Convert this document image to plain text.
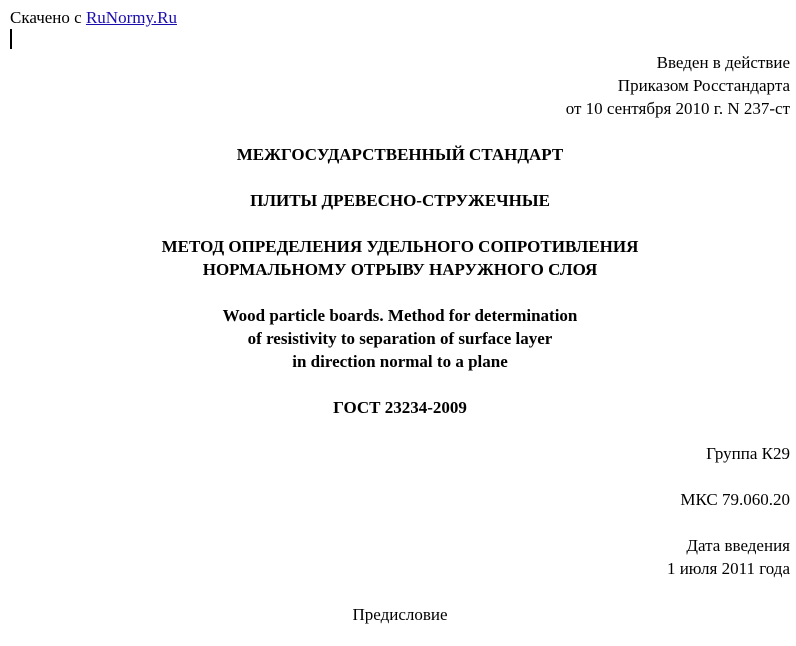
Скачено с RuNormy.Ru
Введен в действие
Приказом Росстандарта
от 10 сентября 2010 г. N 237-ст
МЕЖГОСУДАРСТВЕННЫЙ СТАНДАРТ
ПЛИТЫ ДРЕВЕСНО-СТРУЖЕЧНЫЕ
МЕТОД ОПРЕДЕЛЕНИЯ УДЕЛЬНОГО СОПРОТИВЛЕНИЯ
НОРМАЛЬНОМУ ОТРЫВУ НАРУЖНОГО СЛОЯ
Wood particle boards. Method for determination
of resistivity to separation of surface layer
in direction normal to a plane
ГОСТ 23234-2009
Группа К29
МКС 79.060.20
Дата введения
1 июля 2011 года
Предисловие
